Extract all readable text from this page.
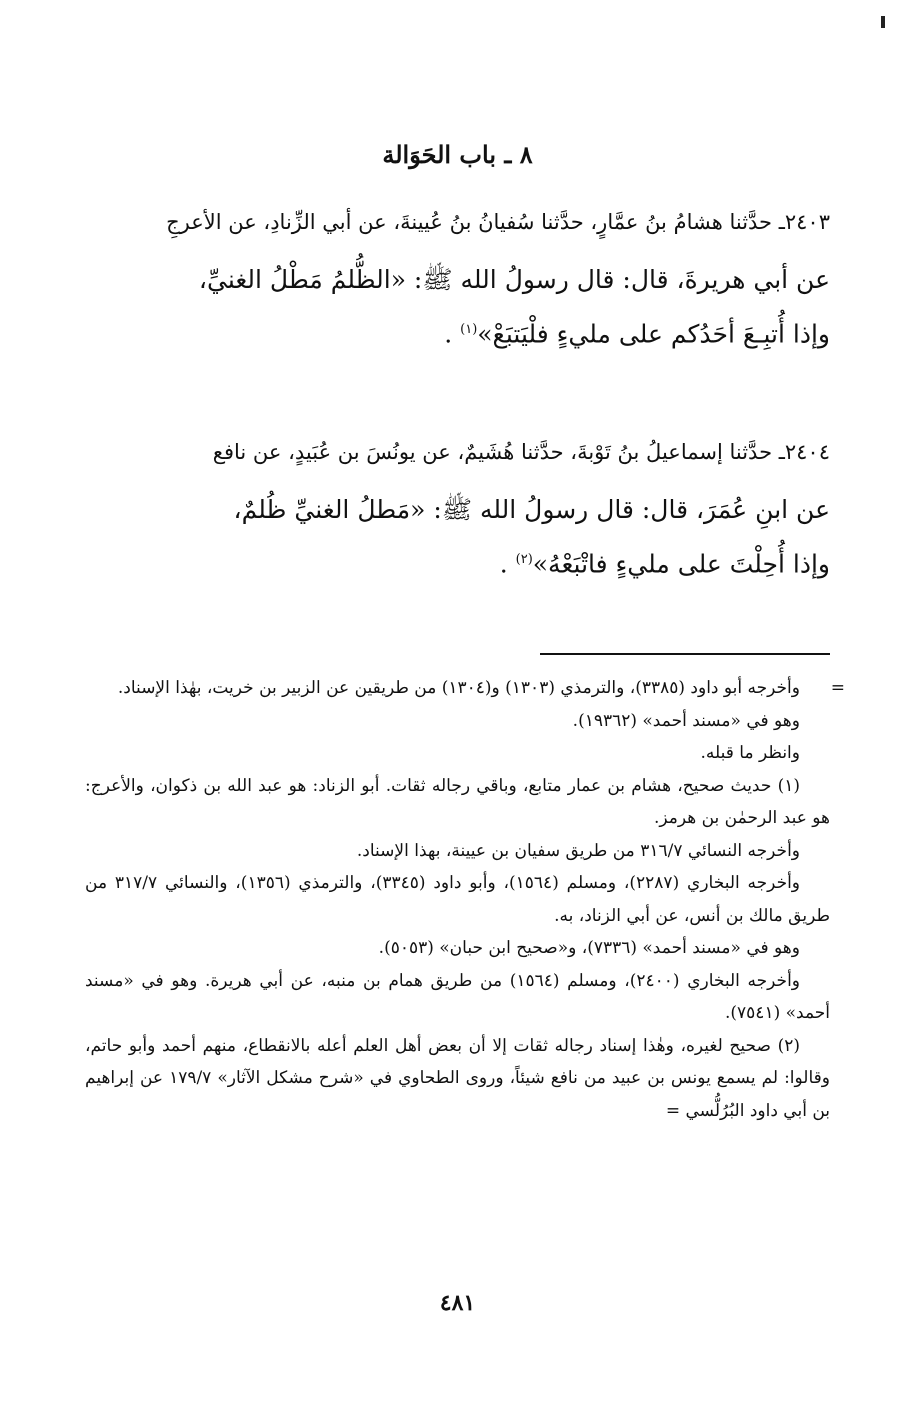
٨ ـ باب الحَوَالة
٢٤٠٣ـ حدَّثنا هشامُ بنُ عمَّارٍ، حدَّثنا سُفيانُ بنُ عُيينةَ، عن أبي الزِّنادِ، عن الأعرجِ
عن أبي هريرةَ، قال: قال رسولُ الله ﷺ: «الظُّلمُ مَطْلُ الغنيِّ،
وإذا أُتبِـعَ أحَدُكم على مليءٍ فلْيَتبَعْ»$^{(١)}$ .
٢٤٠٤ـ حدَّثنا إسماعيلُ بنُ تَوْبةَ، حدَّثنا هُشَيمٌ، عن يونُسَ بن عُبَيدٍ، عن نافع
عن ابنِ عُمَرَ، قال: قال رسولُ الله ﷺ: «مَطلُ الغنيِّ ظُلمٌ،
وإذا أُحِلْتَ على مليءٍ فاتْبَعْهُ»$^{(٢)}$ .
=

وأخرجه أبو داود (٣٣٨٥)، والترمذي (١٣٠٣) و(١٣٠٤) من طريقين عن الزبير بن خريت، بهٰذا الإسناد.

وهو في «مسند أحمد» (١٩٣٦٢).

وانظر ما قبله.

(١) حديث صحيح، هشام بن عمار متابع، وباقي رجاله ثقات. أبو الزناد: هو عبد الله بن ذكوان، والأعرج: هو عبد الرحمٰن بن هرمز.

وأخرجه النسائي ٣١٦/٧ من طريق سفيان بن عيينة، بهذا الإسناد.

وأخرجه البخاري (٢٢٨٧)، ومسلم (١٥٦٤)، وأبو داود (٣٣٤٥)، والترمذي (١٣٥٦)، والنسائي ٣١٧/٧ من طريق مالك بن أنس، عن أبي الزناد، به.

وهو في «مسند أحمد» (٧٣٣٦)، و«صحيح ابن حبان» (٥٠٥٣).

وأخرجه البخاري (٢٤٠٠)، ومسلم (١٥٦٤) من طريق همام بن منبه، عن أبي هريرة. وهو في «مسند أحمد» (٧٥٤١).

(٢) صحيح لغيره، وهٰذا إسناد رجاله ثقات إلا أن بعض أهل العلم أعله بالانقطاع، منهم أحمد وأبو حاتم، وقالوا: لم يسمع يونس بن عبيد من نافع شيئاً، وروى الطحاوي في «شرح مشكل الآثار» ١٧٩/٧ عن إبراهيم بن أبي داود البُرُلُّسي =

٤٨١
